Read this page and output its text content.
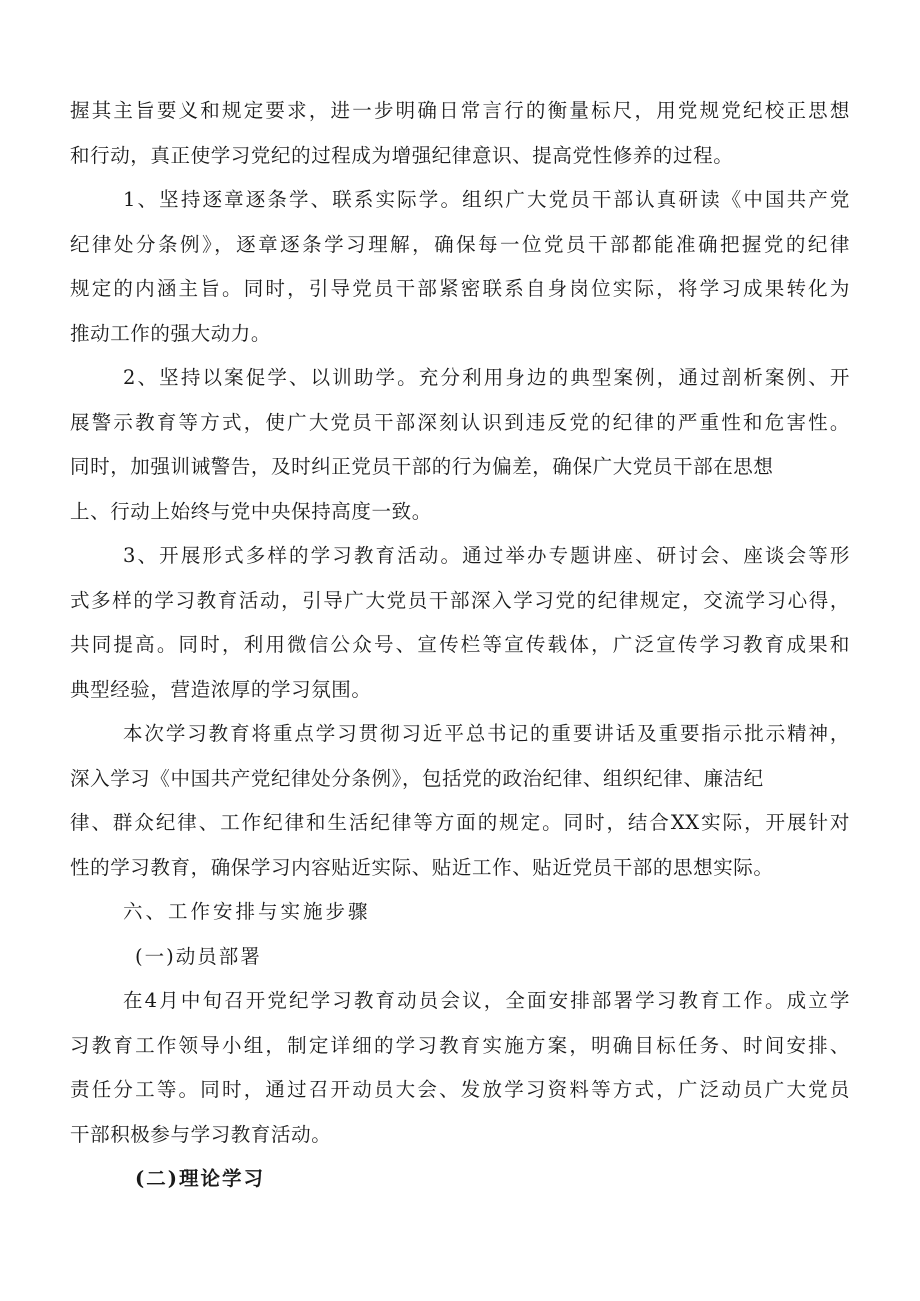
握其主旨要义和规定要求，进一步明确日常言行的衡量标尺，用党规党纪校正思想
和行动，真正使学习党纪的过程成为增强纪律意识、提高党性修养的过程。
1、坚持逐章逐条学、联系实际学。组织广大党员干部认真研读《中国共产党
纪律处分条例》，逐章逐条学习理解，确保每一位党员干部都能准确把握党的纪律
规定的内涵主旨。同时，引导党员干部紧密联系自身岗位实际，将学习成果转化为
推动工作的强大动力。
2、坚持以案促学、以训助学。充分利用身边的典型案例，通过剖析案例、开
展警示教育等方式，使广大党员干部深刻认识到违反党的纪律的严重性和危害性。
同时，加强训诫警告，及时纠正党员干部的行为偏差，确保广大党员干部在思想
上、行动上始终与党中央保持高度一致。
3、开展形式多样的学习教育活动。通过举办专题讲座、研讨会、座谈会等形
式多样的学习教育活动，引导广大党员干部深入学习党的纪律规定，交流学习心得，
共同提高。同时，利用微信公众号、宣传栏等宣传载体，广泛宣传学习教育成果和
典型经验，营造浓厚的学习氛围。
本次学习教育将重点学习贯彻习近平总书记的重要讲话及重要指示批示精神，
深入学习《中国共产党纪律处分条例》，包括党的政治纪律、组织纪律、廉洁纪
律、群众纪律、工作纪律和生活纪律等方面的规定。同时，结合XX实际，开展针对
性的学习教育，确保学习内容贴近实际、贴近工作、贴近党员干部的思想实际。
六、工作安排与实施步骤
(一)动员部署
在4月中旬召开党纪学习教育动员会议，全面安排部署学习教育工作。成立学
习教育工作领导小组，制定详细的学习教育实施方案，明确目标任务、时间安排、
责任分工等。同时，通过召开动员大会、发放学习资料等方式，广泛动员广大党员
干部积极参与学习教育活动。
(二)理论学习
